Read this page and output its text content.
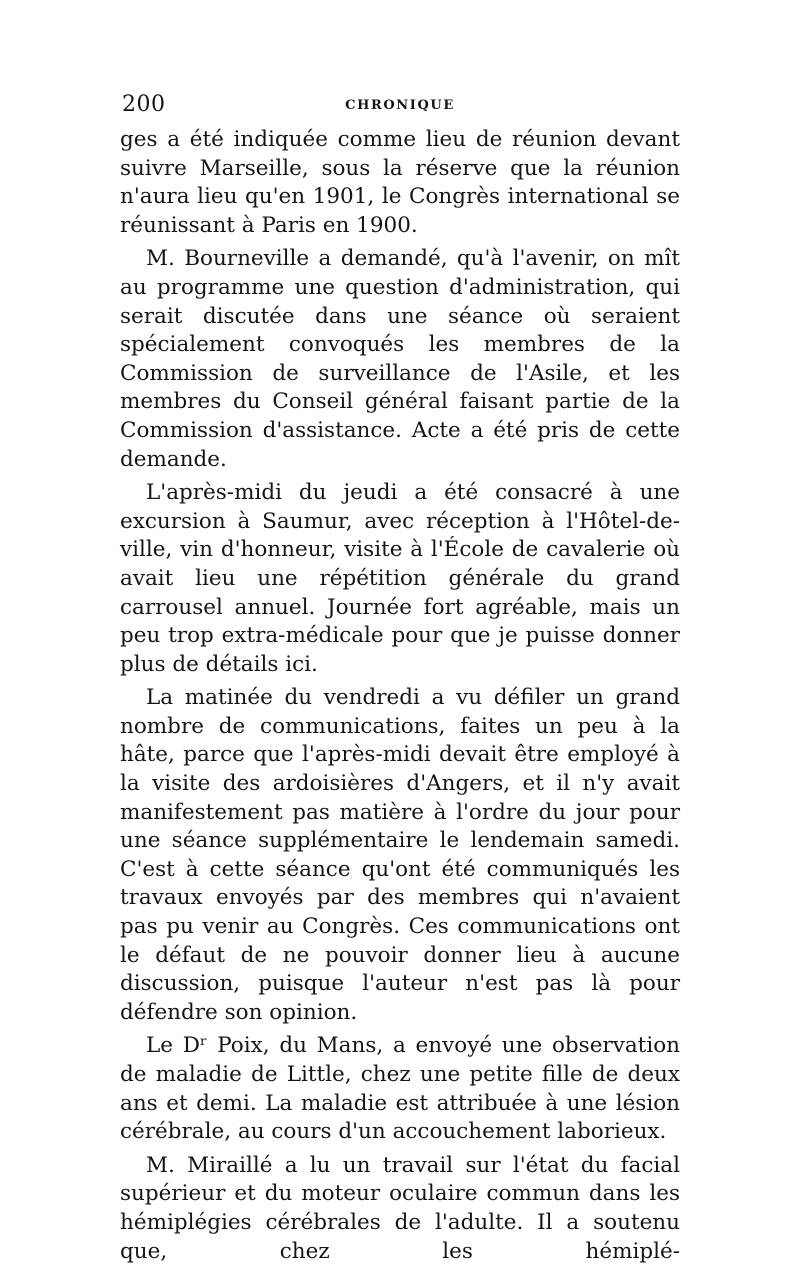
200	CHRONIQUE

ges a été indiquée comme lieu de réunion devant suivre Marseille, sous la réserve que la réunion n'aura lieu qu'en 1901, le Congrès international se réunissant à Paris en 1900.

M. Bourneville a demandé, qu'à l'avenir, on mît au programme une question d'administration, qui serait discutée dans une séance où seraient spécialement convoqués les membres de la Commission de surveillance de l'Asile, et les membres du Conseil général faisant partie de la Commission d'assistance. Acte a été pris de cette demande.

L'après-midi du jeudi a été consacré à une excursion à Saumur, avec réception à l'Hôtel-de-ville, vin d'honneur, visite à l'École de cavalerie où avait lieu une répétition générale du grand carrousel annuel. Journée fort agréable, mais un peu trop extra-médicale pour que je puisse donner plus de détails ici.

La matinée du vendredi a vu défiler un grand nombre de communications, faites un peu à la hâte, parce que l'après-midi devait être employé à la visite des ardoisières d'Angers, et il n'y avait manifestement pas matière à l'ordre du jour pour une séance supplémentaire le lendemain samedi. C'est à cette séance qu'ont été communiqués les travaux envoyés par des membres qui n'avaient pas pu venir au Congrès. Ces communications ont le défaut de ne pouvoir donner lieu à aucune discussion, puisque l'auteur n'est pas là pour défendre son opinion.

Le Dʳ Poix, du Mans, a envoyé une observation de maladie de Little, chez une petite fille de deux ans et demi. La maladie est attribuée à une lésion cérébrale, au cours d'un accouchement laborieux.

M. Miraillé a lu un travail sur l'état du facial supérieur et du moteur oculaire commun dans les hémiplégies cérébrales de l'adulte. Il a soutenu que, chez les hémiplé-
